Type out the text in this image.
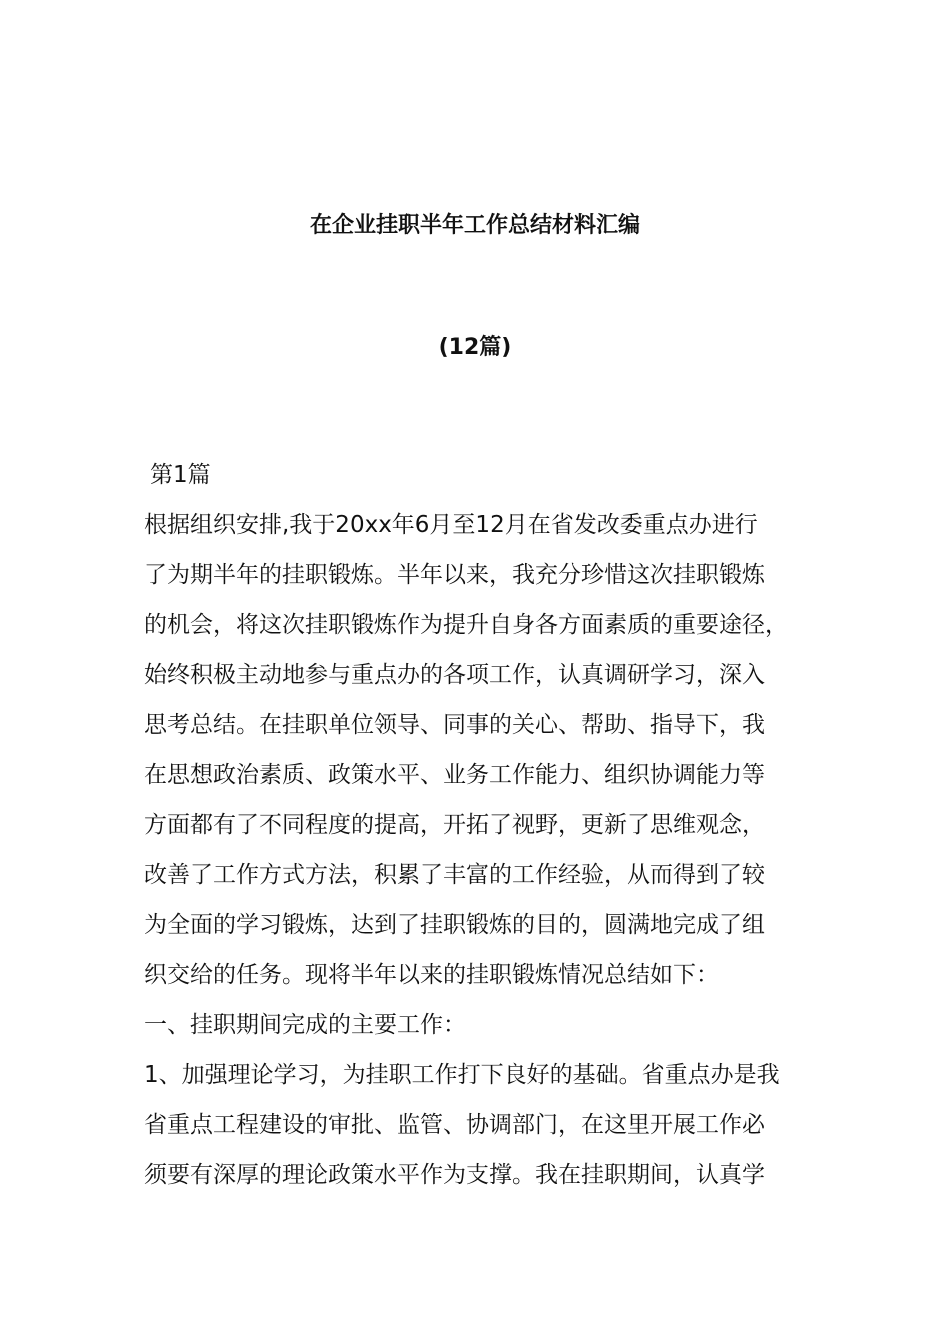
在企业挂职半年工作总结材料汇编
(12篇)
第1篇
根据组织安排,我于20xx年6月至12月在省发改委重点办进行
了为期半年的挂职锻炼。半年以来，我充分珍惜这次挂职锻炼
的机会，将这次挂职锻炼作为提升自身各方面素质的重要途径，
始终积极主动地参与重点办的各项工作，认真调研学习，深入
思考总结。在挂职单位领导、同事的关心、帮助、指导下，我
在思想政治素质、政策水平、业务工作能力、组织协调能力等
方面都有了不同程度的提高，开拓了视野，更新了思维观念，
改善了工作方式方法，积累了丰富的工作经验，从而得到了较
为全面的学习锻炼，达到了挂职锻炼的目的，圆满地完成了组
织交给的任务。现将半年以来的挂职锻炼情况总结如下：
一、挂职期间完成的主要工作：
1、加强理论学习，为挂职工作打下良好的基础。省重点办是我
省重点工程建设的审批、监管、协调部门，在这里开展工作必
须要有深厚的理论政策水平作为支撑。我在挂职期间，认真学
